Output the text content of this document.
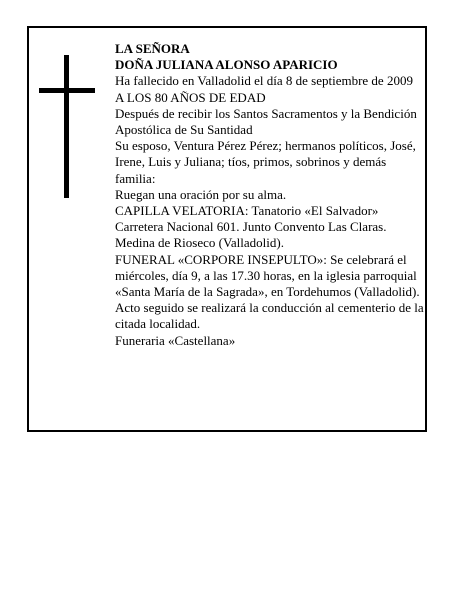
LA SEÑORA

DOÑA JULIANA ALONSO APARICIO

Ha fallecido en Valladolid el día 8 de septiembre de 2009

A LOS 80 AÑOS DE EDAD

Después de recibir los Santos Sacramentos y la Bendición Apostólica de Su Santidad

Su esposo, Ventura Pérez Pérez; hermanos políticos, José, Irene, Luis y Juliana; tíos, primos, sobrinos y demás familia:

Ruegan una oración por su alma.

CAPILLA VELATORIA: Tanatorio «El Salvador» Carretera Nacional 601. Junto Convento Las Claras. Medina de Rioseco (Valladolid).

FUNERAL «CORPORE INSEPULTO»: Se celebrará el miércoles, día 9, a las 17.30 horas, en la iglesia parroquial «Santa María de la Sagrada», en Tordehumos (Valladolid). Acto seguido se realizará la conducción al cementerio de la citada localidad.

Funeraria «Castellana»
